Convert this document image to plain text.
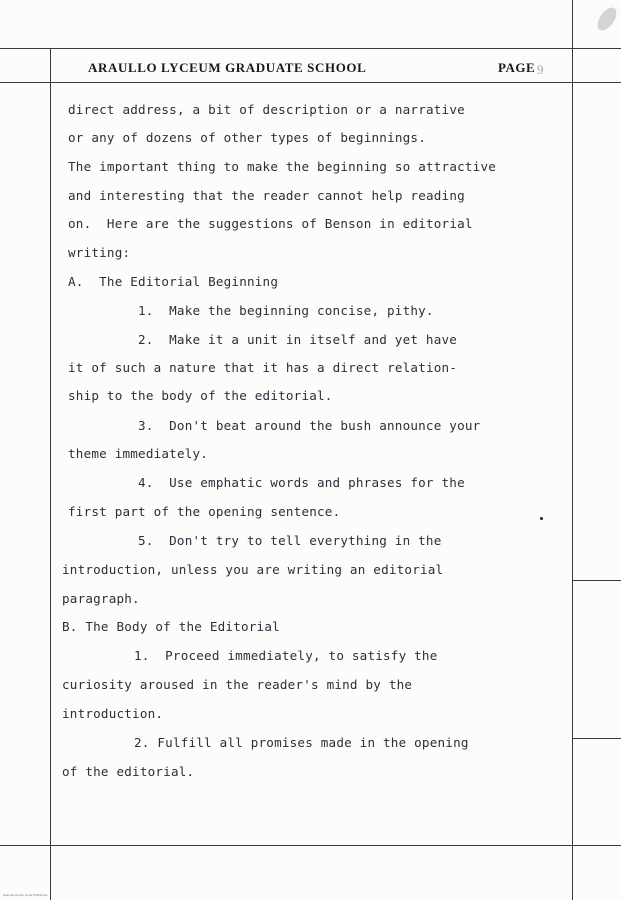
ARAULLO LYCEUM GRADUATE SCHOOL	PAGE 9
direct address, a bit of description or a narrative
or any of dozens of other types of beginnings.
The important thing to make the beginning so attractive
and interesting that the reader cannot help reading
on.  Here are the suggestions of Benson in editorial
writing:
A.  The Editorial Beginning
1.  Make the beginning concise, pithy.
2.  Make it a unit in itself and yet have
it of such a nature that it has a direct relation-
ship to the body of the editorial.
3.  Don't beat around the bush announce your
theme immediately.
4.  Use emphatic words and phrases for the
first part of the opening sentence.
5.  Don't try to tell everything in the
introduction, unless you are writing an editorial
paragraph.
B. The Body of the Editorial
1.  Proceed immediately, to satisfy the
curiosity aroused in the reader's mind by the
introduction.
2. Fulfill all promises made in the opening
of the editorial.
National Library of the Philippines
